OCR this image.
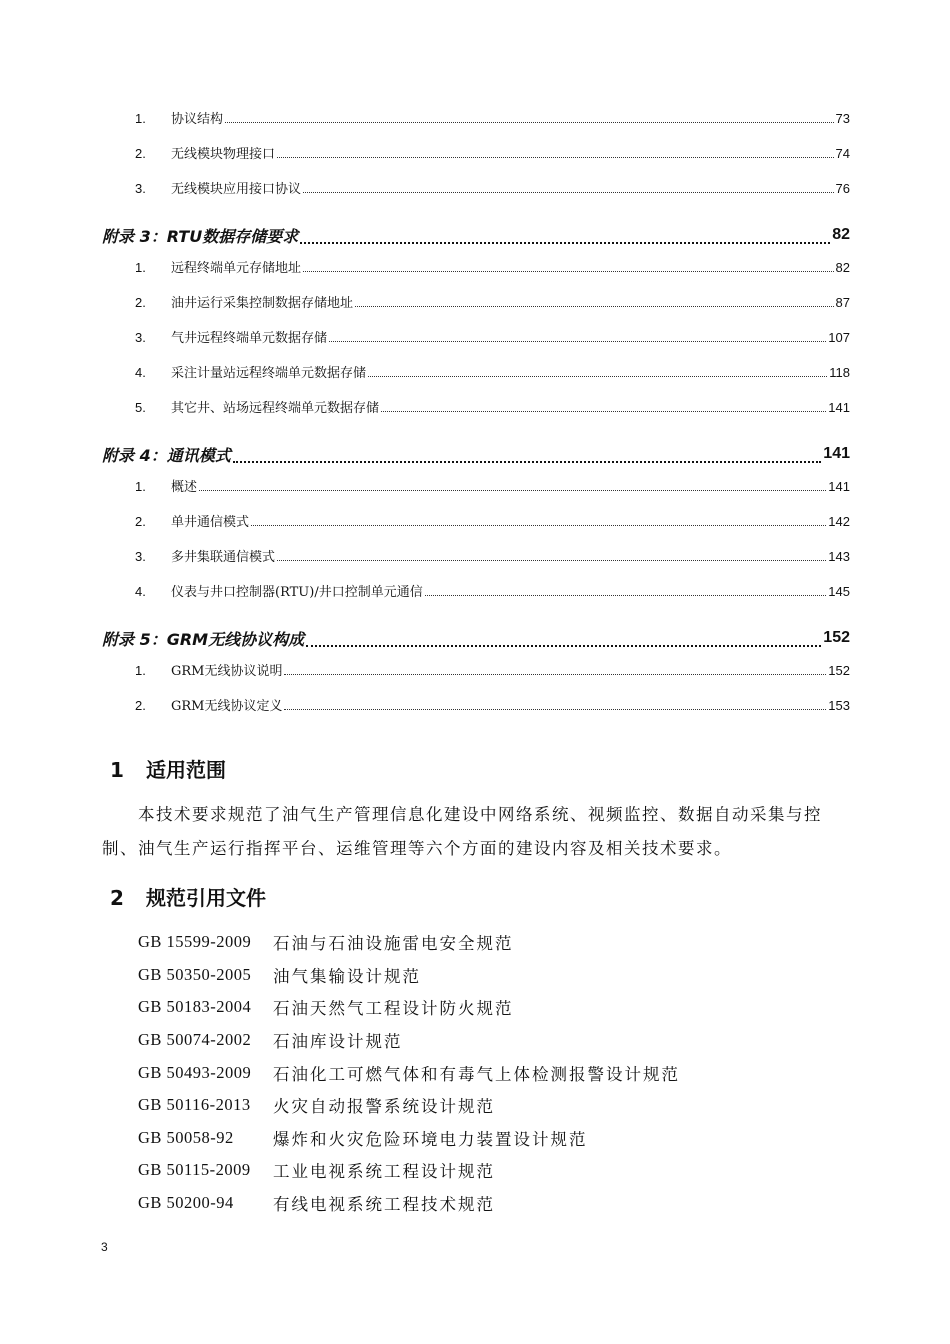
1.	协议结构	73
2.	无线模块物理接口	74
3.	无线模块应用接口协议	76
附录 3：RTU数据存储要求	82
1.	远程终端单元存储地址	82
2.	油井运行采集控制数据存储地址	87
3.	气井远程终端单元数据存储	107
4.	采注计量站远程终端单元数据存储	118
5.	其它井、站场远程终端单元数据存储	141
附录 4：通讯模式	141
1.	概述	141
2.	单井通信模式	142
3.	多井集联通信模式	143
4.	仪表与井口控制器(RTU)/井口控制单元通信	145
附录 5：GRM无线协议构成	152
1.	GRM无线协议说明	152
2.	GRM无线协议定义	153
1 适用范围
本技术要求规范了油气生产管理信息化建设中网络系统、视频监控、数据自动采集与控制、油气生产运行指挥平台、运维管理等六个方面的建设内容及相关技术要求。
2 规范引用文件
GB 15599-2009	石油与石油设施雷电安全规范
GB 50350-2005	油气集输设计规范
GB 50183-2004	石油天然气工程设计防火规范
GB 50074-2002	石油库设计规范
GB 50493-2009	石油化工可燃气体和有毒气上体检测报警设计规范
GB 50116-2013	火灾自动报警系统设计规范
GB 50058-92	爆炸和火灾危险环境电力装置设计规范
GB 50115-2009	工业电视系统工程设计规范
GB 50200-94	有线电视系统工程技术规范
3
